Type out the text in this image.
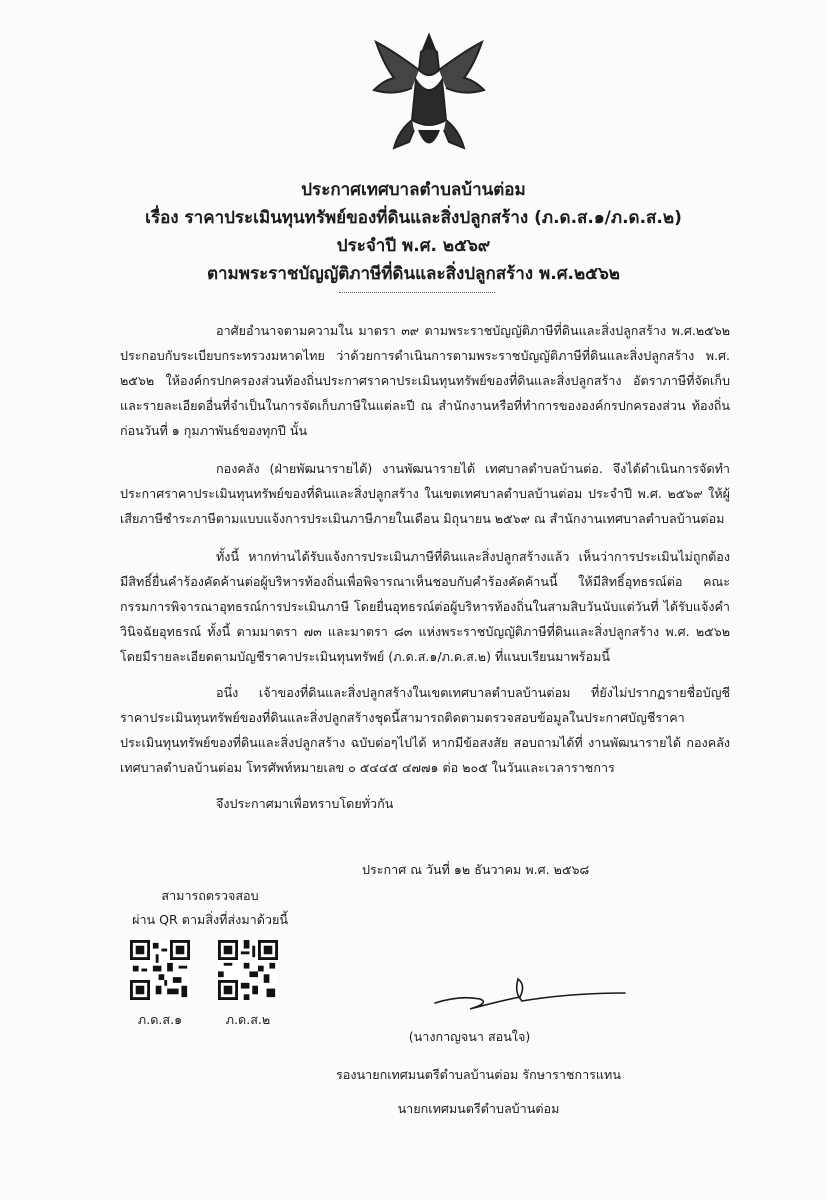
ประกาศเทศบาลตำบลบ้านต่อม
เรื่อง ราคาประเมินทุนทรัพย์ของที่ดินและสิ่งปลูกสร้าง (ภ.ด.ส.๑/ภ.ด.ส.๒)
ประจำปี พ.ศ. ๒๕๖๙
ตามพระราชบัญญัติภาษีที่ดินและสิ่งปลูกสร้าง พ.ศ.๒๕๖๒
อาศัยอำนาจตามความใน มาตรา ๓๙ ตามพระราชบัญญัติภาษีที่ดินและสิ่งปลูกสร้าง พ.ศ.๒๕๖๒ ประกอบกับระเบียบกระทรวงมหาดไทย ว่าด้วยการดำเนินการตามพระราชบัญญัติภาษีที่ดินและสิ่งปลูกสร้าง พ.ศ. ๒๕๖๒ ให้องค์กรปกครองส่วนท้องถิ่นประกาศราคาประเมินทุนทรัพย์ของที่ดินและสิ่งปลูกสร้าง อัตราภาษีที่จัดเก็บ และรายละเอียดอื่นที่จำเป็นในการจัดเก็บภาษีในแต่ละปี ณ สำนักงานหรือที่ทำการขององค์กรปกครองส่วน ท้องถิ่นก่อนวันที่ ๑ กุมภาพันธ์ของทุกปี นั้น
กองคลัง (ฝ่ายพัฒนารายได้) งานพัฒนารายได้ เทศบาลตำบลบ้านต่อ. จึงได้ดำเนินการจัดทำ ประกาศราคาประเมินทุนทรัพย์ของที่ดินและสิ่งปลูกสร้าง ในเขตเทศบาลตำบลบ้านต่อม ประจำปี พ.ศ. ๒๕๖๙ ให้ผู้เสียภาษีชำระภาษีตามแบบแจ้งการประเมินภาษีภายในเดือน มิถุนายน ๒๕๖๙ ณ สำนักงานเทศบาลตำบลบ้านต่อม
ทั้งนี้ หากท่านได้รับแจ้งการประเมินภาษีที่ดินและสิ่งปลูกสร้างแล้ว เห็นว่าการประเมินไม่ถูกต้อง มีสิทธิ์ยื่นคำร้องคัดค้านต่อผู้บริหารท้องถิ่นเพื่อพิจารณาเห็นชอบกับคำร้องคัดค้านนี้ ให้มีสิทธิ์อุทธรณ์ต่อ คณะกรรมการพิจารณาอุทธรณ์การประเมินภาษี โดยยื่นอุทธรณ์ต่อผู้บริหารท้องถิ่นในสามสิบวันนับแต่วันที่ ได้รับแจ้งคำวินิจฉัยอุทธรณ์ ทั้งนี้ ตามมาตรา ๗๓ และมาตรา ๘๓ แห่งพระราชบัญญัติภาษีที่ดินและสิ่งปลูกสร้าง พ.ศ. ๒๕๖๒ โดยมีรายละเอียดตามบัญชีราคาประเมินทุนทรัพย์ (ภ.ด.ส.๑/ภ.ด.ส.๒) ที่แนบเรียนมาพร้อมนี้
อนึ่ง เจ้าของที่ดินและสิ่งปลูกสร้างในเขตเทศบาลตำบลบ้านต่อม ที่ยังไม่ปรากฏรายชื่อบัญชี ราคาประเมินทุนทรัพย์ของที่ดินและสิ่งปลูกสร้างชุดนี้สามารถติดตามตรวจสอบข้อมูลในประกาศบัญชีราคา ประเมินทุนทรัพย์ของที่ดินและสิ่งปลูกสร้าง ฉบับต่อๆไปได้ หากมีข้อสงสัย สอบถามได้ที่ งานพัฒนารายได้ กองคลัง เทศบาลตำบลบ้านต่อม โทรศัพท์หมายเลข ๐ ๕๔๔๕ ๔๗๗๑ ต่อ ๒๐๕ ในวันและเวลาราชการ
จึงประกาศมาเพื่อทราบโดยทั่วกัน
ประกาศ ณ วันที่ ๑๒ ธันวาคม พ.ศ. ๒๕๖๘
สามารถตรวจสอบ
ผ่าน QR ตามสิ่งที่ส่งมาด้วยนี้
ภ.ด.ส.๑	ภ.ด.ส.๒
(นางกาญจนา สอนใจ)
รองนายกเทศมนตรีตำบลบ้านต่อม รักษาราชการแทน
นายกเทศมนตรีตำบลบ้านต่อม
